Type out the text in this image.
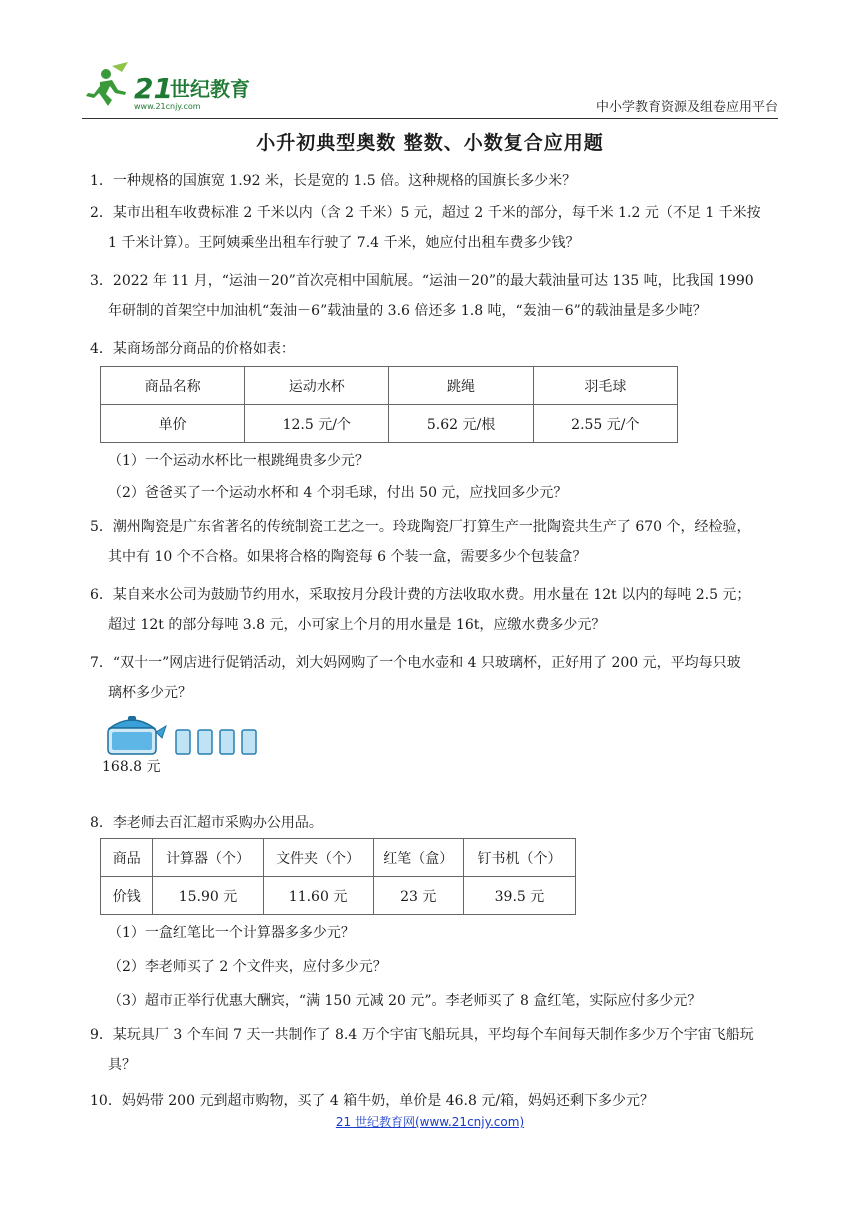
21
世纪教育
www.21cnjy.com	中小学教育资源及组卷应用平台
小升初典型奥数 整数、小数复合应用题
1．一种规格的国旗宽 1.92 米，长是宽的 1.5 倍。这种规格的国旗长多少米？
2．某市出租车收费标准 2 千米以内（含 2 千米）5 元，超过 2 千米的部分，每千米 1.2 元（不足 1 千米按
1 千米计算）。王阿姨乘坐出租车行驶了 7.4 千米，她应付出租车费多少钱？
3．2022 年 11 月，“运油－20”首次亮相中国航展。“运油－20”的最大载油量可达 135 吨，比我国 1990
年研制的首架空中加油机“轰油－6”载油量的 3.6 倍还多 1.8 吨，“轰油－6”的载油量是多少吨？
4．某商场部分商品的价格如表：
商品名称	运动水杯	跳绳	羽毛球
单价	12.5 元/个	5.62 元/根	2.55 元/个
（1）一个运动水杯比一根跳绳贵多少元？
（2）爸爸买了一个运动水杯和 4 个羽毛球，付出 50 元，应找回多少元？
5．潮州陶瓷是广东省著名的传统制瓷工艺之一。玲珑陶瓷厂打算生产一批陶瓷共生产了 670 个，经检验，
其中有 10 个不合格。如果将合格的陶瓷每 6 个装一盒，需要多少个包装盒？
6．某自来水公司为鼓励节约用水，采取按月分段计费的方法收取水费。用水量在 12t 以内的每吨 2.5 元；
超过 12t 的部分每吨 3.8 元，小可家上个月的用水量是 16t，应缴水费多少元？
7．“双十一”网店进行促销活动，刘大妈网购了一个电水壶和 4 只玻璃杯，正好用了 200 元，平均每只玻
璃杯多少元？
168.8 元
8．李老师去百汇超市采购办公用品。
商品	计算器（个）	文件夹（个）	红笔（盒）	钉书机（个）
价钱	15.90 元	11.60 元	23 元	39.5 元
（1）一盒红笔比一个计算器多多少元？
（2）李老师买了 2 个文件夹，应付多少元？
（3）超市正举行优惠大酬宾，“满 150 元减 20 元”。李老师买了 8 盒红笔，实际应付多少元？
9．某玩具厂 3 个车间 7 天一共制作了 8.4 万个宇宙飞船玩具，平均每个车间每天制作多少万个宇宙飞船玩
具？
10．妈妈带 200 元到超市购物，买了 4 箱牛奶，单价是 46.8 元/箱，妈妈还剩下多少元？
21 世纪教育网(www.21cnjy.com)
